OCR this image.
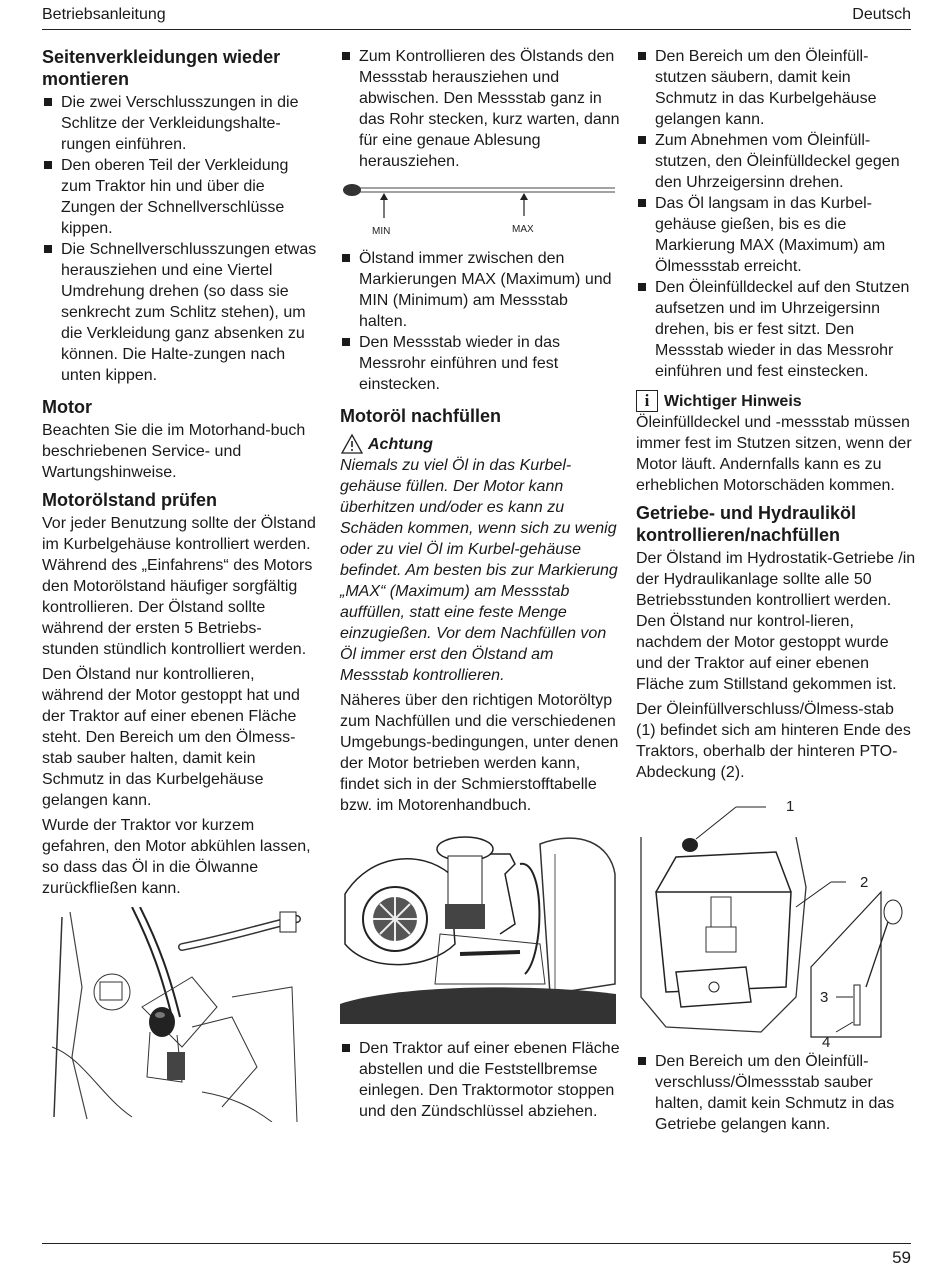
Betriebsanleitung	Deutsch
Seitenverkleidungen wieder montieren
Die zwei Verschlusszungen in die Schlitze der Verkleidungshalte-rungen einführen.
Den oberen Teil der Verkleidung zum Traktor hin und über die Zungen der Schnellverschlüsse kippen.
Die Schnellverschlusszungen etwas herausziehen und eine Viertel Umdrehung drehen (so dass sie senkrecht zum Schlitz stehen), um die Verkleidung ganz absenken zu können. Die Halte-zungen nach unten kippen.
Motor

Beachten Sie die im Motorhand-buch beschriebenen Service- und Wartungshinweise.

Motorölstand prüfen

Vor jeder Benutzung sollte der Ölstand im Kurbelgehäuse kontrolliert werden. Während des „Einfahrens“ des Motors den Motorölstand häufiger sorgfältig kontrollieren. Der Ölstand sollte während der ersten 5 Betriebs-stunden stündlich kontrolliert werden.

Den Ölstand nur kontrollieren, während der Motor gestoppt hat und der Traktor auf einer ebenen Fläche steht. Den Bereich um den Ölmess-stab sauber halten, damit kein Schmutz in das Kurbelgehäuse gelangen kann.

Wurde der Traktor vor kurzem gefahren, den Motor abkühlen lassen, so dass das Öl in die Ölwanne zurückfließen kann.

Zum Kontrollieren des Ölstands den Messstab herausziehen und abwischen. Den Messstab ganz in das Rohr stecken, kurz warten, dann für eine genaue Ablesung herausziehen.
MIN	MAX
Ölstand immer zwischen den Markierungen MAX (Maximum) und MIN (Minimum) am Messstab halten.
Den Messstab wieder in das Messrohr einführen und fest einstecken.
Motoröl nachfüllen
Achtung

Niemals zu viel Öl in das Kurbel-gehäuse füllen. Der Motor kann überhitzen und/oder es kann zu Schäden kommen, wenn sich zu wenig oder zu viel Öl im Kurbel-gehäuse befindet. Am besten bis zur Markierung „MAX“ (Maximum) am Messstab auffüllen, statt eine feste Menge einzugießen. Vor dem Nachfüllen von Öl immer erst den Ölstand am Messstab kontrollieren.

Näheres über den richtigen Motoröltyp zum Nachfüllen und die verschiedenen Umgebungs-bedingungen, unter denen der Motor betrieben werden kann, findet sich in der Schmierstofftabelle bzw. im Motorenhandbuch.

Den Traktor auf einer ebenen Fläche abstellen und die Feststellbremse einlegen. Den Traktormotor stoppen und den Zündschlüssel abziehen.
Den Bereich um den Öleinfüll-stutzen säubern, damit kein Schmutz in das Kurbelgehäuse gelangen kann.
Zum Abnehmen vom Öleinfüll-stutzen, den Öleinfülldeckel gegen den Uhrzeigersinn drehen.
Das Öl langsam in das Kurbel-gehäuse gießen, bis es die Markierung MAX (Maximum) am Ölmessstab erreicht.
Den Öleinfülldeckel auf den Stutzen aufsetzen und im Uhrzeigersinn drehen, bis er fest sitzt. Den Messstab wieder in das Messrohr einführen und fest einstecken.
i Wichtiger Hinweis

Öleinfülldeckel und -messstab müssen immer fest im Stutzen sitzen, wenn der Motor läuft. Andernfalls kann es zu erheblichen Motorschäden kommen.

Getriebe- und Hydrauliköl kontrollieren/nachfüllen

Der Ölstand im Hydrostatik-Getriebe /in der Hydraulikanlage sollte alle 50 Betriebsstunden kontrolliert werden. Den Ölstand nur kontrol-lieren, nachdem der Motor gestoppt wurde und der Traktor auf einer ebenen Fläche zum Stillstand gekommen ist.

Der Öleinfüllverschluss/Ölmess-stab (1) befindet sich am hinteren Ende des Traktors, oberhalb der hinteren PTO-Abdeckung (2).

1
2
3
4
Den Bereich um den Öleinfüll-verschluss/Ölmessstab sauber halten, damit kein Schmutz in das Getriebe gelangen kann.
59
